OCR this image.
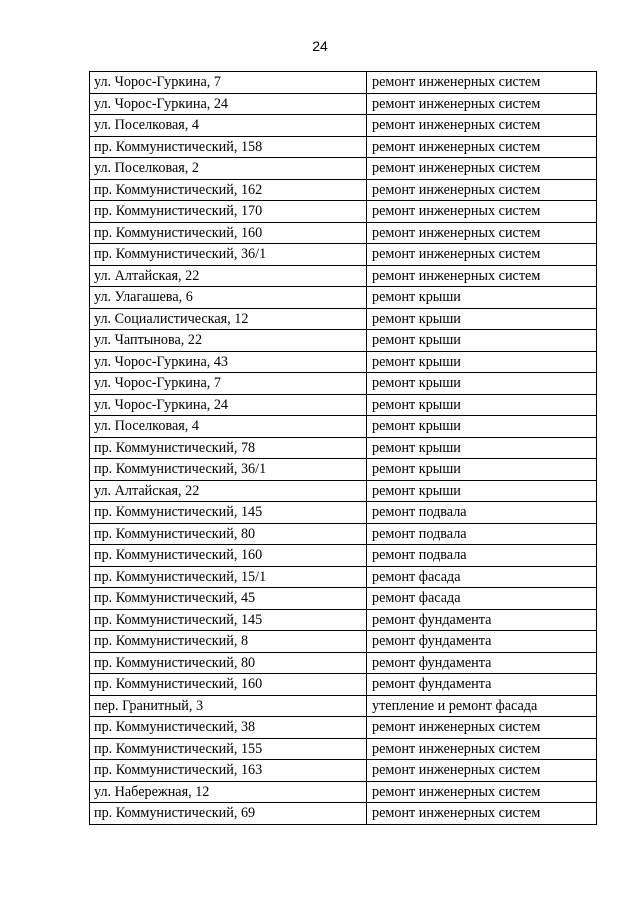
24
ул. Чорос-Гуркина, 7	ремонт инженерных систем
ул. Чорос-Гуркина, 24	ремонт инженерных систем
ул. Поселковая, 4	ремонт инженерных систем
пр. Коммунистический, 158	ремонт инженерных систем
ул. Поселковая, 2	ремонт инженерных систем
пр. Коммунистический, 162	ремонт инженерных систем
пр. Коммунистический, 170	ремонт инженерных систем
пр. Коммунистический, 160	ремонт инженерных систем
пр. Коммунистический, 36/1	ремонт инженерных систем
ул. Алтайская, 22	ремонт инженерных систем
ул. Улагашева, 6	ремонт крыши
ул. Социалистическая, 12	ремонт крыши
ул. Чаптынова, 22	ремонт крыши
ул. Чорос-Гуркина, 43	ремонт крыши
ул. Чорос-Гуркина, 7	ремонт крыши
ул. Чорос-Гуркина, 24	ремонт крыши
ул. Поселковая, 4	ремонт крыши
пр. Коммунистический, 78	ремонт крыши
пр. Коммунистический, 36/1	ремонт крыши
ул. Алтайская, 22	ремонт крыши
пр. Коммунистический, 145	ремонт подвала
пр. Коммунистический, 80	ремонт подвала
пр. Коммунистический, 160	ремонт подвала
пр. Коммунистический, 15/1	ремонт фасада
пр. Коммунистический, 45	ремонт фасада
пр. Коммунистический, 145	ремонт фундамента
пр. Коммунистический, 8	ремонт фундамента
пр. Коммунистический, 80	ремонт фундамента
пр. Коммунистический, 160	ремонт фундамента
пер. Гранитный, 3	утепление и ремонт фасада
пр. Коммунистический, 38	ремонт инженерных систем
пр. Коммунистический, 155	ремонт инженерных систем
пр. Коммунистический, 163	ремонт инженерных систем
ул. Набережная, 12	ремонт инженерных систем
пр. Коммунистический, 69	ремонт инженерных систем
